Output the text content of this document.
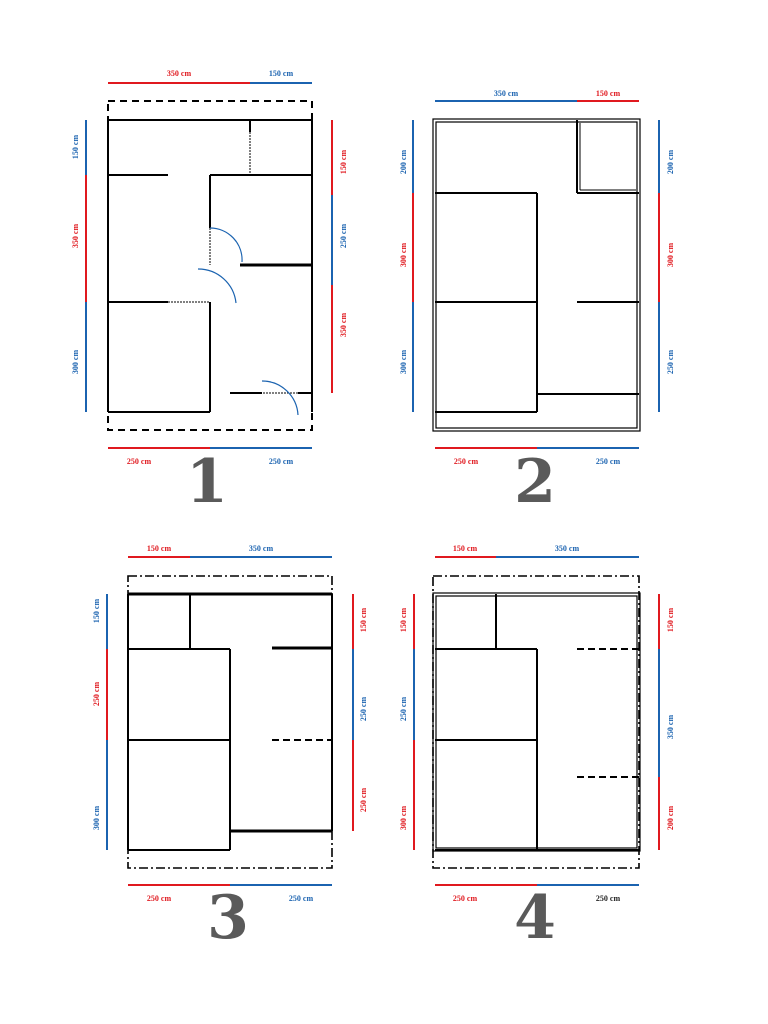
350 cm	150 cm
150 cm
350 cm
300 cm
150 cm
250 cm
350 cm
250 cm	250 cm
1
350 cm	150 cm
200 cm
300 cm
300 cm
200 cm
300 cm
250 cm
250 cm	250 cm
2
150 cm	350 cm
150 cm
250 cm
300 cm
150 cm
250 cm
250 cm
250 cm	250 cm
3
150 cm	350 cm
150 cm
250 cm
300 cm
150 cm
350 cm
200 cm
250 cm	250 cm
4
